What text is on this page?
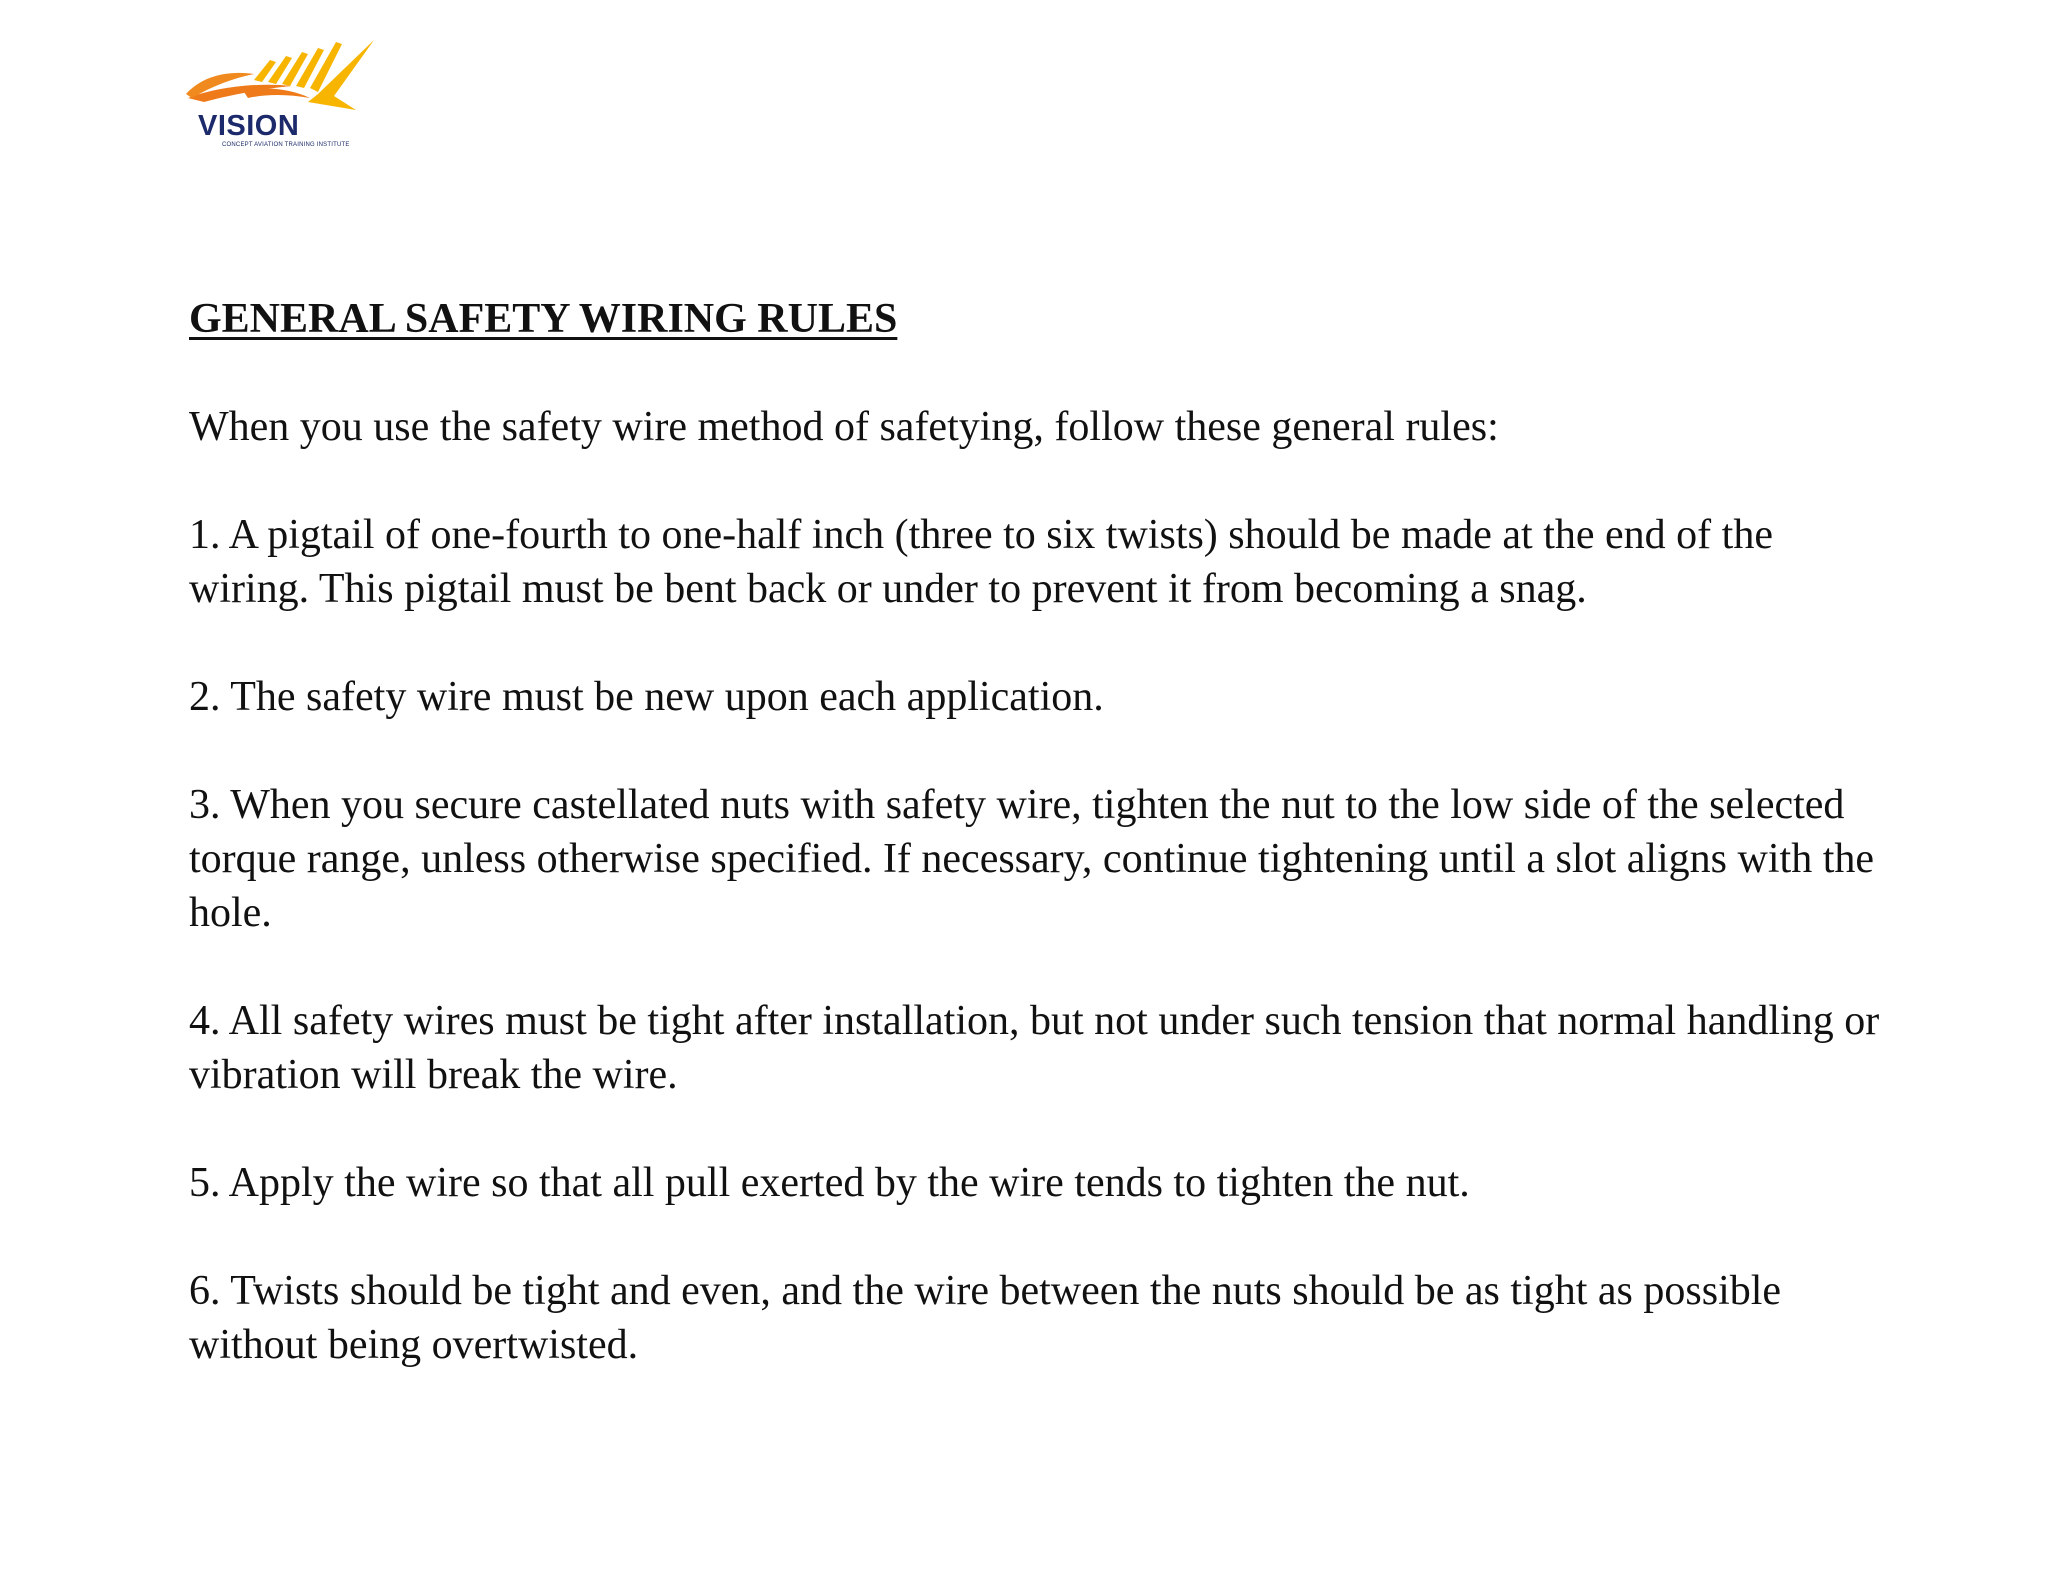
VISION
CONCEPT AVIATION TRAINING INSTITUTE
GENERAL SAFETY WIRING RULES

When you use the safety wire method of safetying, follow these general rules:

1. A pigtail of one-fourth to one-half inch (three to six twists) should be made at the end of the wiring. This pigtail must be bent back or under to prevent it from becoming a snag.

2. The safety wire must be new upon each application.

3. When you secure castellated nuts with safety wire, tighten the nut to the low side of the selected torque range, unless otherwise specified. If necessary, continue tightening until a slot aligns with the hole.

4. All safety wires must be tight after installation, but not under such tension that normal handling or vibration will break the wire.

5. Apply the wire so that all pull exerted by the wire tends to tighten the nut.

6. Twists should be tight and even, and the wire between the nuts should be as tight as possible without being overtwisted.
